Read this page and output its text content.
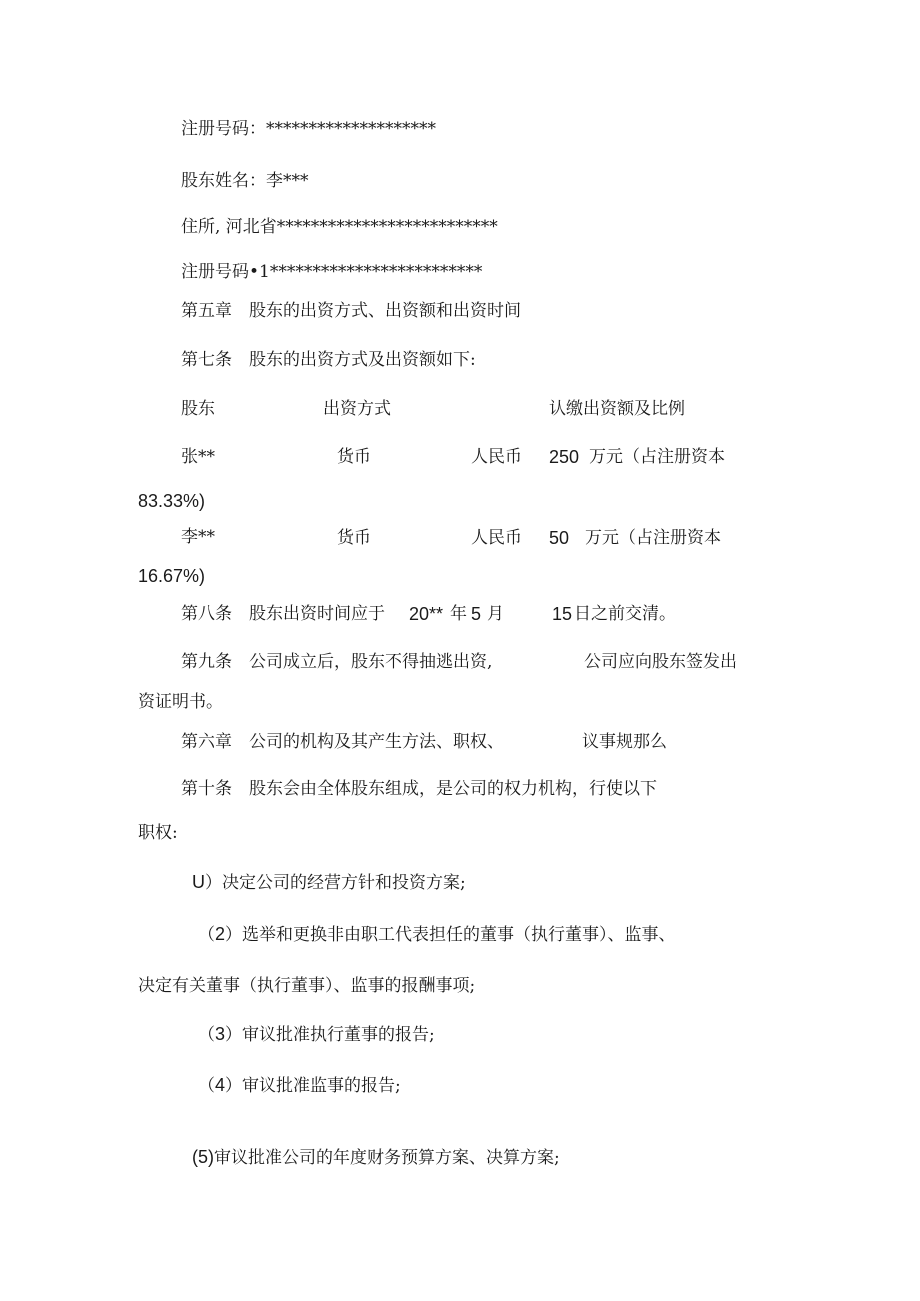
注册号码：********************
股东姓名：李***
住所, 河北省**************************
注册号码•1*************************
第五章　股东的出资方式、出资额和出资时间
第七条　股东的出资方式及出资额如下:
股东	出资方式	认缴出资额及比例
张**	货币	人民币 250 万元（占注册资本
83.33%)
李**	货币	人民币 50 万元（占注册资本
16.67%)
第八条　股东出资时间应于 20** 年 5 月	15 日之前交清。
第九条　公司成立后，股东不得抽逃出资,	公司应向股东签发出
资证明书。
第六章　公司的机构及其产生方法、职权、	议事规那么
第十条　股东会由全体股东组成，是公司的权力机构，行使以下
职权:
U）决定公司的经营方针和投资方案;
（2）选举和更换非由职工代表担任的董事（执行董事）、监事、
决定有关董事（执行董事）、监事的报酬事项;
（3）审议批准执行董事的报告;
（4）审议批准监事的报告;
(5)审议批准公司的年度财务预算方案、决算方案;
